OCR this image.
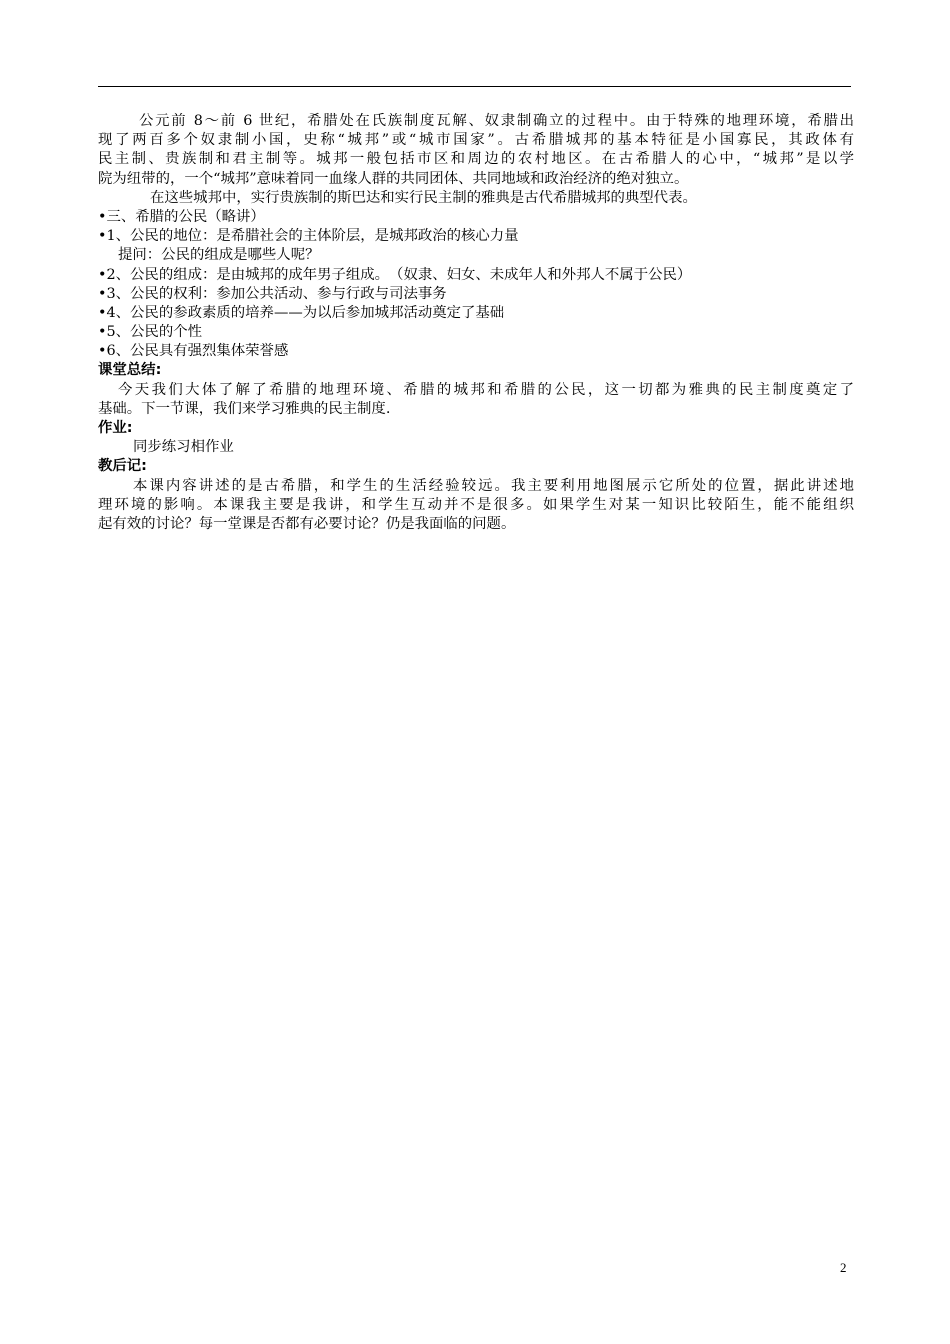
公元前 8～前 6 世纪，希腊处在氏族制度瓦解、奴隶制确立的过程中。由于特殊的地理环境，希腊出
现了两百多个奴隶制小国，史称“城邦”或“城市国家”。古希腊城邦的基本特征是小国寡民，其政体有
民主制、贵族制和君主制等。城邦一般包括市区和周边的农村地区。在古希腊人的心中，“城邦”是以学
院为纽带的，一个“城邦”意味着同一血缘人群的共同团体、共同地域和政治经济的绝对独立。
在这些城邦中，实行贵族制的斯巴达和实行民主制的雅典是古代希腊城邦的典型代表。
•三、希腊的公民（略讲）
•1、公民的地位：是希腊社会的主体阶层，是城邦政治的核心力量
提问：公民的组成是哪些人呢？
•2、公民的组成：是由城邦的成年男子组成。　（奴隶、妇女、未成年人和外邦人不属于公民）
•3、公民的权利：参加公共活动、参与行政与司法事务
•4、公民的参政素质的培养——为以后参加城邦活动奠定了基础
•5、公民的个性
•6、公民具有强烈集体荣誉感
课堂总结:
今天我们大体了解了希腊的地理环境、希腊的城邦和希腊的公民，这一切都为雅典的民主制度奠定了
基础。下一节课，我们来学习雅典的民主制度.
作业:
同步练习相作业
教后记:
本课内容讲述的是古希腊，和学生的生活经验较远。我主要利用地图展示它所处的位置，据此讲述地
理环境的影响。本课我主要是我讲，和学生互动并不是很多。如果学生对某一知识比较陌生，能不能组织
起有效的讨论？每一堂课是否都有必要讨论？仍是我面临的问题。
2
